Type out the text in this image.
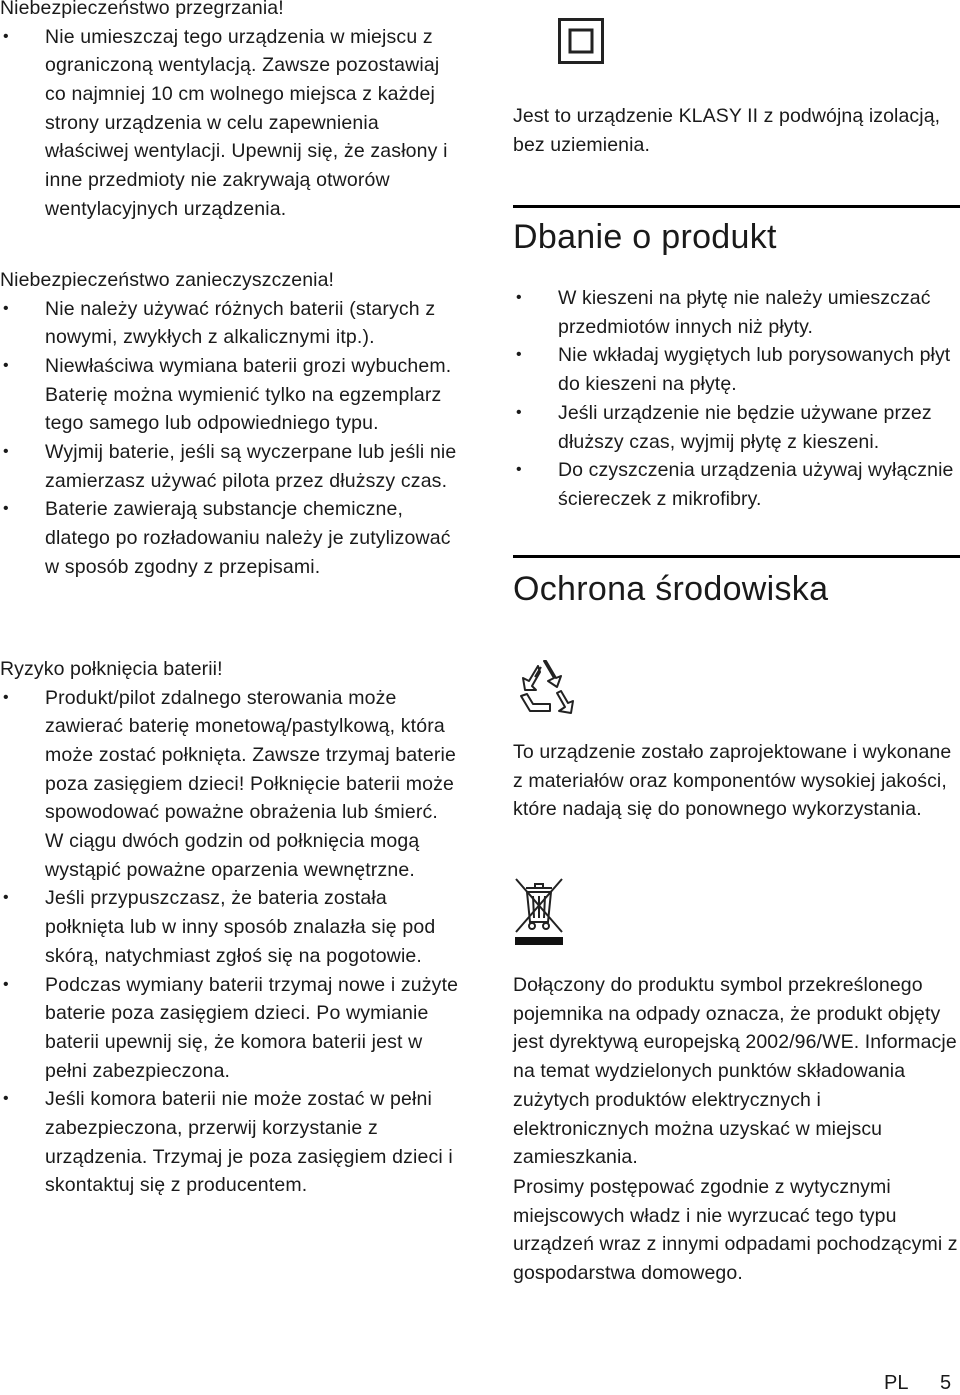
Niebezpieczeństwo przegrzania!
• Nie umieszczaj tego urządzenia w miejscu z ograniczoną wentylacją. Zawsze pozostawiaj co najmniej 10 cm wolnego miejsca z każdej strony urządzenia w celu zapewnienia właściwej wentylacji. Upewnij się, że zasłony i inne przedmioty nie zakrywają otworów wentylacyjnych urządzenia.
Niebezpieczeństwo zanieczyszczenia!
• Nie należy używać różnych baterii (starych z nowymi, zwykłych z alkalicznymi itp.).
• Niewłaściwa wymiana baterii grozi wybuchem. Baterię można wymienić tylko na egzemplarz tego samego lub odpowiedniego typu.
• Wyjmij baterie, jeśli są wyczerpane lub jeśli nie zamierzasz używać pilota przez dłuższy czas.
• Baterie zawierają substancje chemiczne, dlatego po rozładowaniu należy je zutylizować w sposób zgodny z przepisami.
Ryzyko połknięcia baterii!
• Produkt/pilot zdalnego sterowania może zawierać baterię monetową/pastylkową, która może zostać połknięta. Zawsze trzymaj baterie poza zasięgiem dzieci! Połknięcie baterii może spowodować poważne obrażenia lub śmierć. W ciągu dwóch godzin od połknięcia mogą wystąpić poważne oparzenia wewnętrzne.
• Jeśli przypuszczasz, że bateria została połknięta lub w inny sposób znalazła się pod skórą, natychmiast zgłoś się na pogotowie.
• Podczas wymiany baterii trzymaj nowe i zużyte baterie poza zasięgiem dzieci. Po wymianie baterii upewnij się, że komora baterii jest w pełni zabezpieczona.
• Jeśli komora baterii nie może zostać w pełni zabezpieczona, przerwij korzystanie z urządzenia. Trzymaj je poza zasięgiem dzieci i skontaktuj się z producentem.

Jest to urządzenie KLASY II z podwójną izolacją, bez uziemienia.

Dbanie o produkt
• W kieszeni na płytę nie należy umieszczać przedmiotów innych niż płyty.
• Nie wkładaj wygiętych lub porysowanych płyt do kieszeni na płytę.
• Jeśli urządzenie nie będzie używane przez dłuższy czas, wyjmij płytę z kieszeni.
• Do czyszczenia urządzenia używaj wyłącznie ściereczek z mikrofibry.
Ochrona środowiska

To urządzenie zostało zaprojektowane i wykonane z materiałów oraz komponentów wysokiej jakości, które nadają się do ponownego wykorzystania.

Dołączony do produktu symbol przekreślonego pojemnika na odpady oznacza, że produkt objęty jest dyrektywą europejską 2002/96/WE. Informacje na temat wydzielonych punktów składowania zużytych produktów elektrycznych i elektronicznych można uzyskać w miejscu zamieszkania.

Prosimy postępować zgodnie z wytycznymi miejscowych władz i nie wyrzucać tego typu urządzeń wraz z innymi odpadami pochodzącymi z gospodarstwa domowego.

PL 5
